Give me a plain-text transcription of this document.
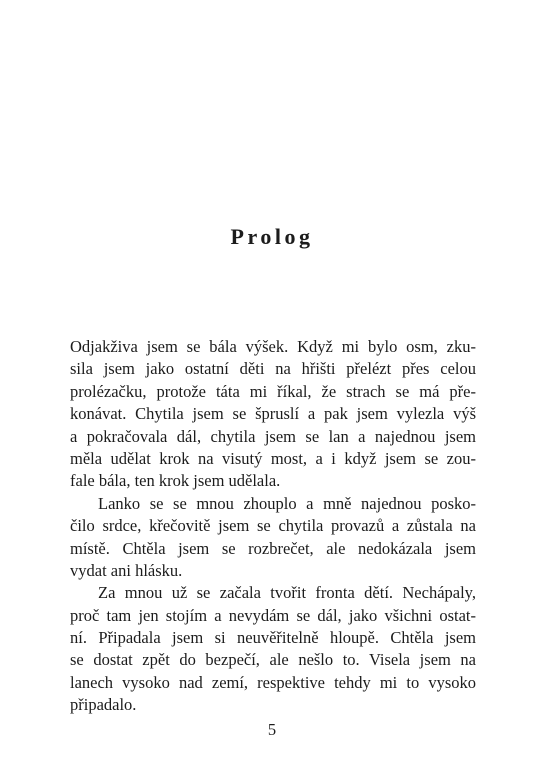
Prolog
Odjakživa jsem se bála výšek. Když mi bylo osm, zku-
sila jsem jako ostatní děti na hřišti přelézt přes celou
prolézačku, protože táta mi říkal, že strach se má pře-
konávat. Chytila jsem se špruslí a pak jsem vylezla výš
a pokračovala dál, chytila jsem se lan a najednou jsem
měla udělat krok na visutý most, a i když jsem se zou-
fale bála, ten krok jsem udělala.
Lanko se se mnou zhouplo a mně najednou posko-
čilo srdce, křečovitě jsem se chytila provazů a zůstala na
místě. Chtěla jsem se rozbrečet, ale nedokázala jsem
vydat ani hlásku.
Za mnou už se začala tvořit fronta dětí. Nechápaly,
proč tam jen stojím a nevydám se dál, jako všichni ostat-
ní. Připadala jsem si neuvěřitelně hloupě. Chtěla jsem
se dostat zpět do bezpečí, ale nešlo to. Visela jsem na
lanech vysoko nad zemí, respektive tehdy mi to vysoko
připadalo.

5
